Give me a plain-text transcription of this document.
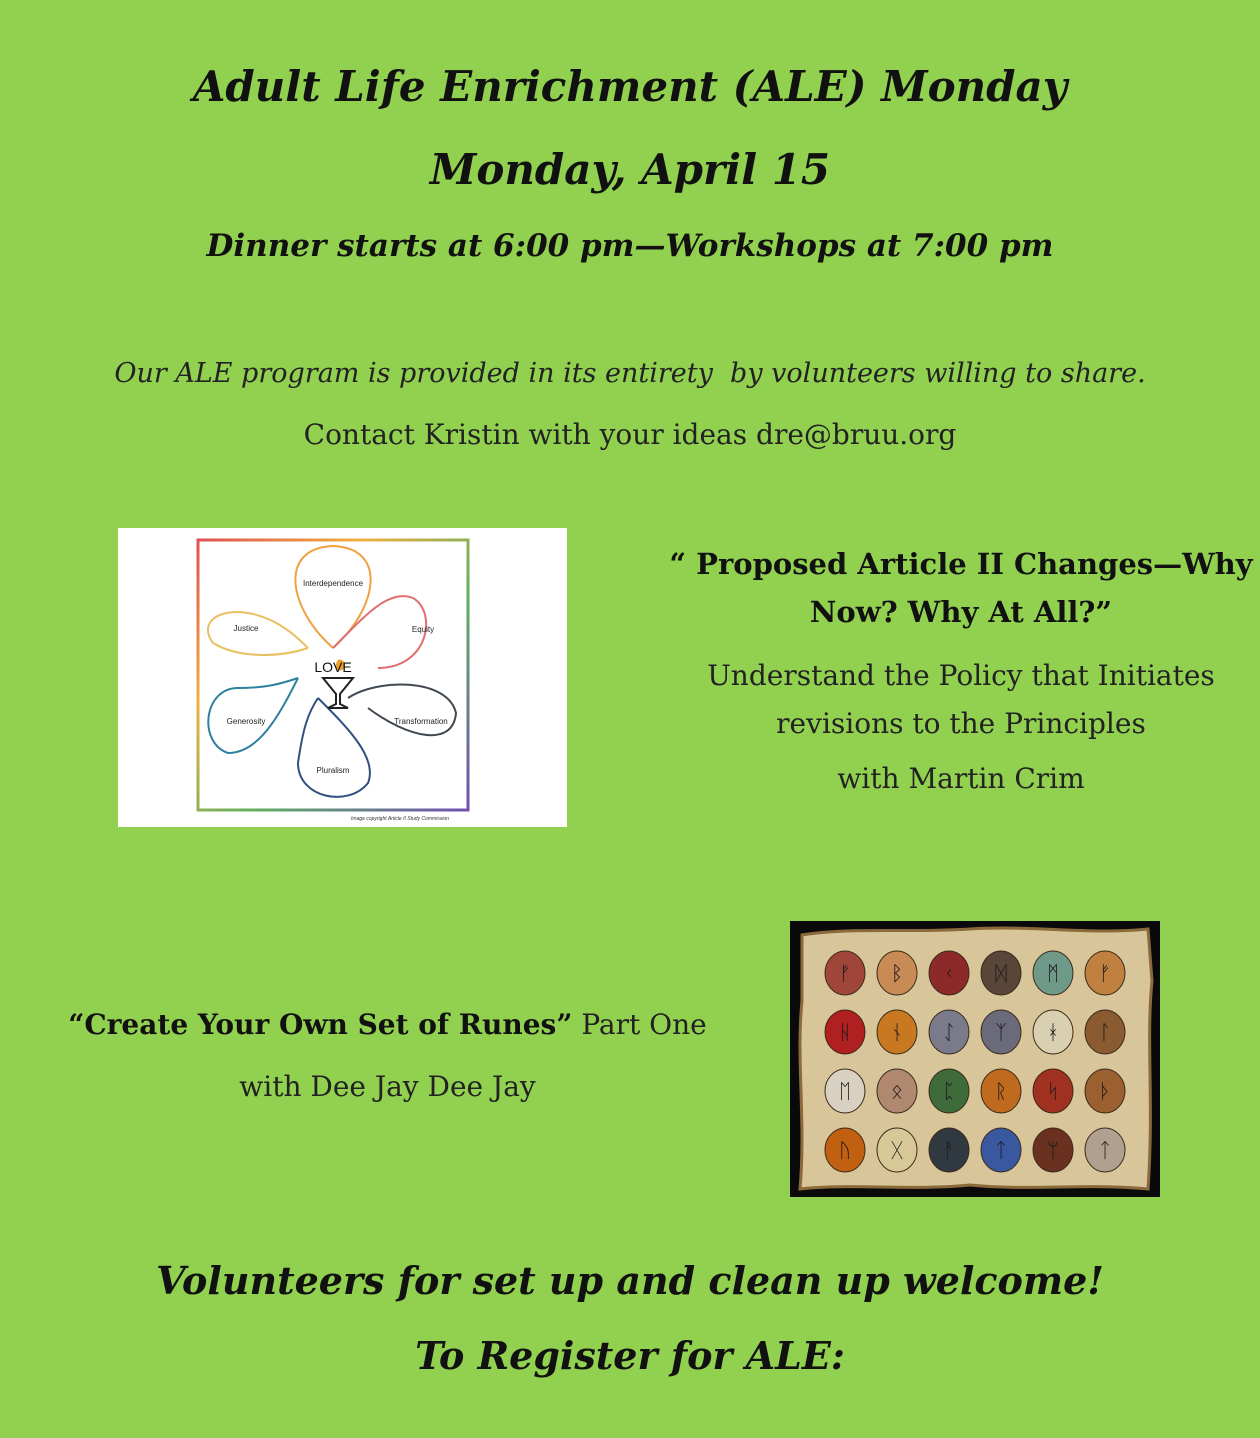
Adult Life Enrichment (ALE) Monday
Monday, April 15
Dinner starts at 6:00 pm—Workshops at 7:00 pm
Our ALE program is provided in its entirety  by volunteers willing to share.
Contact Kristin with your ideas dre@bruu.org
LOVE
Interdependence
Equity
Transformation
Pluralism
Generosity
Justice
Image copyright Article II Study Commission
“ Proposed Article II Changes—Why
Now? Why At All?”
Understand the Policy that Initiates
revisions to the Principles
with Martin Crim
“Create Your Own Set of Runes” Part One
with Dee Jay Dee Jay
ᚠ ᛒ ᚲ ᛞ ᛗ ᚠ
ᚺ ᚾ ᛇ ᛉ ᚼ ᛚ
ᛖ ᛟ ᛈ ᚱ ᛋ ᚦ
ᚢ ᚷ ᚨ ᛏ ᛘ ᛏ
Volunteers for set up and clean up welcome!
To Register for ALE:
